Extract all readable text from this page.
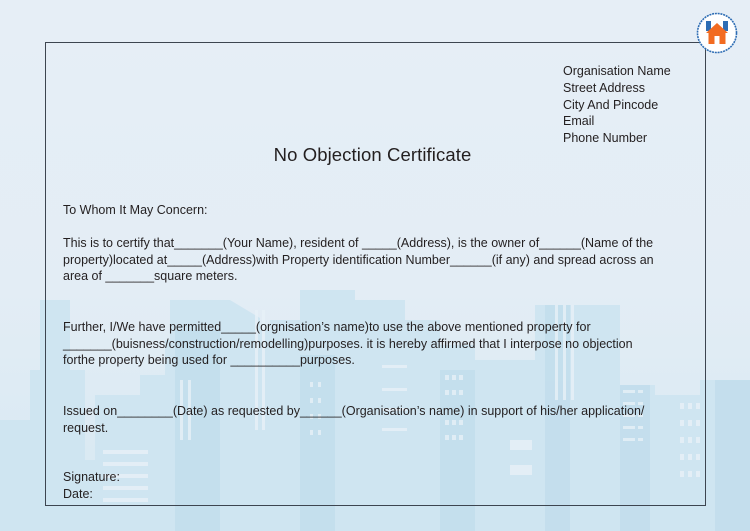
Organisation Name
Street Address
City And Pincode
Email
Phone Number
No Objection Certificate
To Whom It May Concern:
This is to certify that_______(Your Name), resident of _____(Address), is the owner of______(Name of the
property)located at_____(Address)with Property identification Number______(if any) and spread across an
area of _______square meters.
Further, I/We have permitted_____(orgnisation’s name)to use the above mentioned property for
_______(buisness/construction/remodelling)purposes. it is hereby affirmed that I interpose no objection
forthe property being used for __________purposes.
Issued on________(Date) as requested by______(Organisation’s name) in support of his/her application/
request.
Signature:
Date:
